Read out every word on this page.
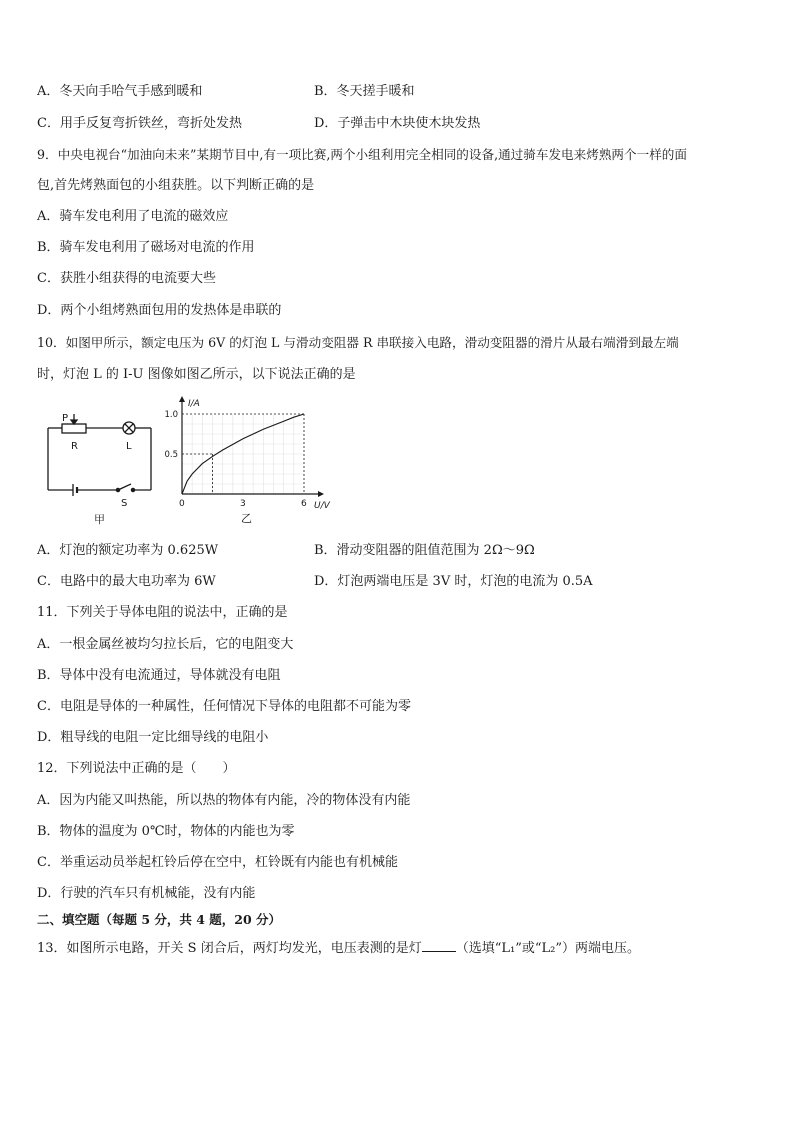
A．冬天向手哈气手感到暖和	B．冬天搓手暖和
C．用手反复弯折铁丝，弯折处发热	D．子弹击中木块使木块发热
9．中央电视台“加油向未来”某期节目中,有一项比赛,两个小组利用完全相同的设备,通过骑车发电来烤熟两个一样的面
包,首先烤熟面包的小组获胜。以下判断正确的是
A．骑车发电利用了电流的磁效应
B．骑车发电利用了磁场对电流的作用
C．获胜小组获得的电流要大些
D．两个小组烤熟面包用的发热体是串联的
10．如图甲所示，额定电压为 6V 的灯泡 L 与滑动变阻器 R 串联接入电路，滑动变阻器的滑片从最右端滑到最左端
时，灯泡 L 的 I-U 图像如图乙所示，以下说法正确的是
P
R	L
S
甲
I/A
U/V
0	3	6
0.5
1.0
乙
A．灯泡的额定功率为 0.625W	B．滑动变阻器的阻值范围为 2Ω～9Ω
C．电路中的最大电功率为 6W	D．灯泡两端电压是 3V 时，灯泡的电流为 0.5A
11．下列关于导体电阻的说法中，正确的是
A．一根金属丝被均匀拉长后，它的电阻变大
B．导体中没有电流通过，导体就没有电阻
C．电阻是导体的一种属性，任何情况下导体的电阻都不可能为零
D．粗导线的电阻一定比细导线的电阻小
12．下列说法中正确的是（　　）
A．因为内能又叫热能，所以热的物体有内能，冷的物体没有内能
B．物体的温度为 0℃时，物体的内能也为零
C．举重运动员举起杠铃后停在空中，杠铃既有内能也有机械能
D．行驶的汽车只有机械能，没有内能
二、填空题（每题 5 分，共 4 题，20 分）
13．如图所示电路，开关 S 闭合后，两灯均发光，电压表测的是灯	（选填“L₁”或“L₂”）两端电压。
